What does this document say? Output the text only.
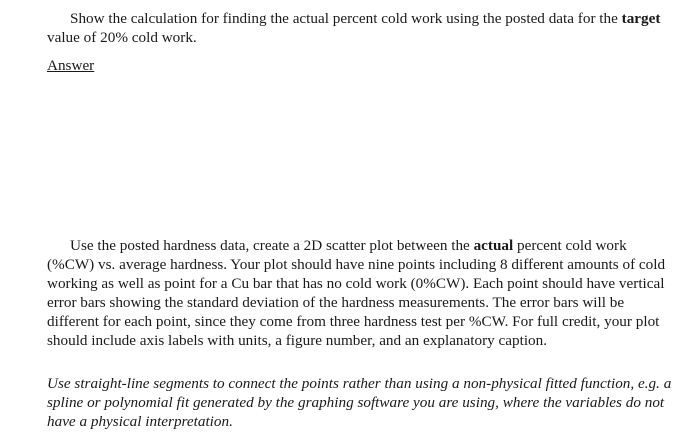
Show the calculation for finding the actual percent cold work using the posted data for the target value of 20% cold work.

Answer

Use the posted hardness data, create a 2D scatter plot between the actual percent cold work (%CW) vs. average hardness. Your plot should have nine points including 8 different amounts of cold working as well as point for a Cu bar that has no cold work (0%CW). Each point should have vertical error bars showing the standard deviation of the hardness measurements. The error bars will be different for each point, since they come from three hardness test per %CW. For full credit, your plot should include axis labels with units, a figure number, and an explanatory caption.

Use straight-line segments to connect the points rather than using a non-physical fitted function, e.g. a spline or polynomial fit generated by the graphing software you are using, where the variables do not have a physical interpretation.
